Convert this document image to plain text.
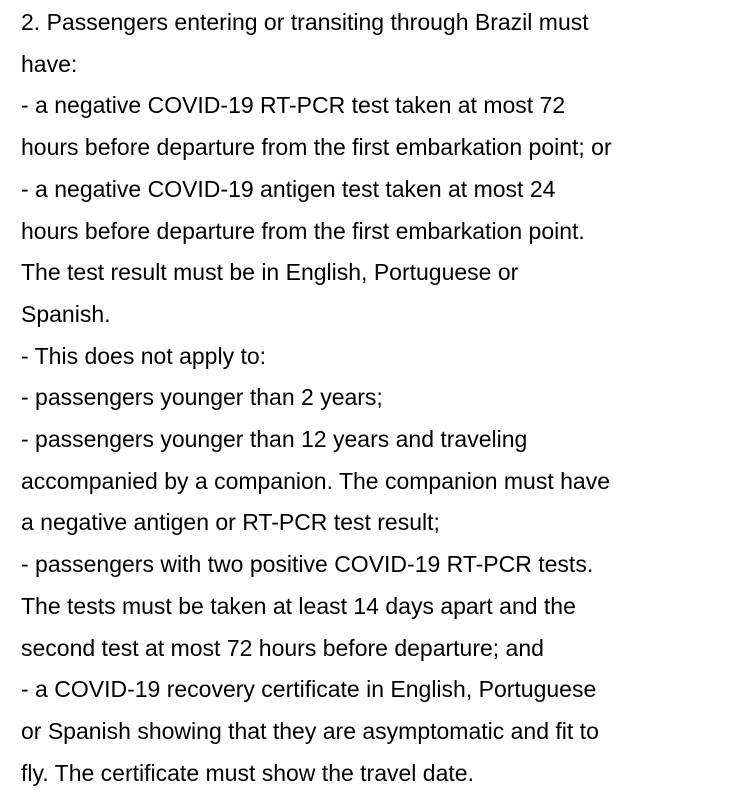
2. Passengers entering or transiting through Brazil must
have:
- a negative COVID-19 RT-PCR test taken at most 72
hours before departure from the first embarkation point; or
- a negative COVID-19 antigen test taken at most 24
hours before departure from the first embarkation point.
The test result must be in English, Portuguese or
Spanish.
- This does not apply to:
- passengers younger than 2 years;
- passengers younger than 12 years and traveling
accompanied by a companion. The companion must have
a negative antigen or RT-PCR test result;
- passengers with two positive COVID-19 RT-PCR tests.
The tests must be taken at least 14 days apart and the
second test at most 72 hours before departure; and
- a COVID-19 recovery certificate in English, Portuguese
or Spanish showing that they are asymptomatic and fit to
fly. The certificate must show the travel date.
